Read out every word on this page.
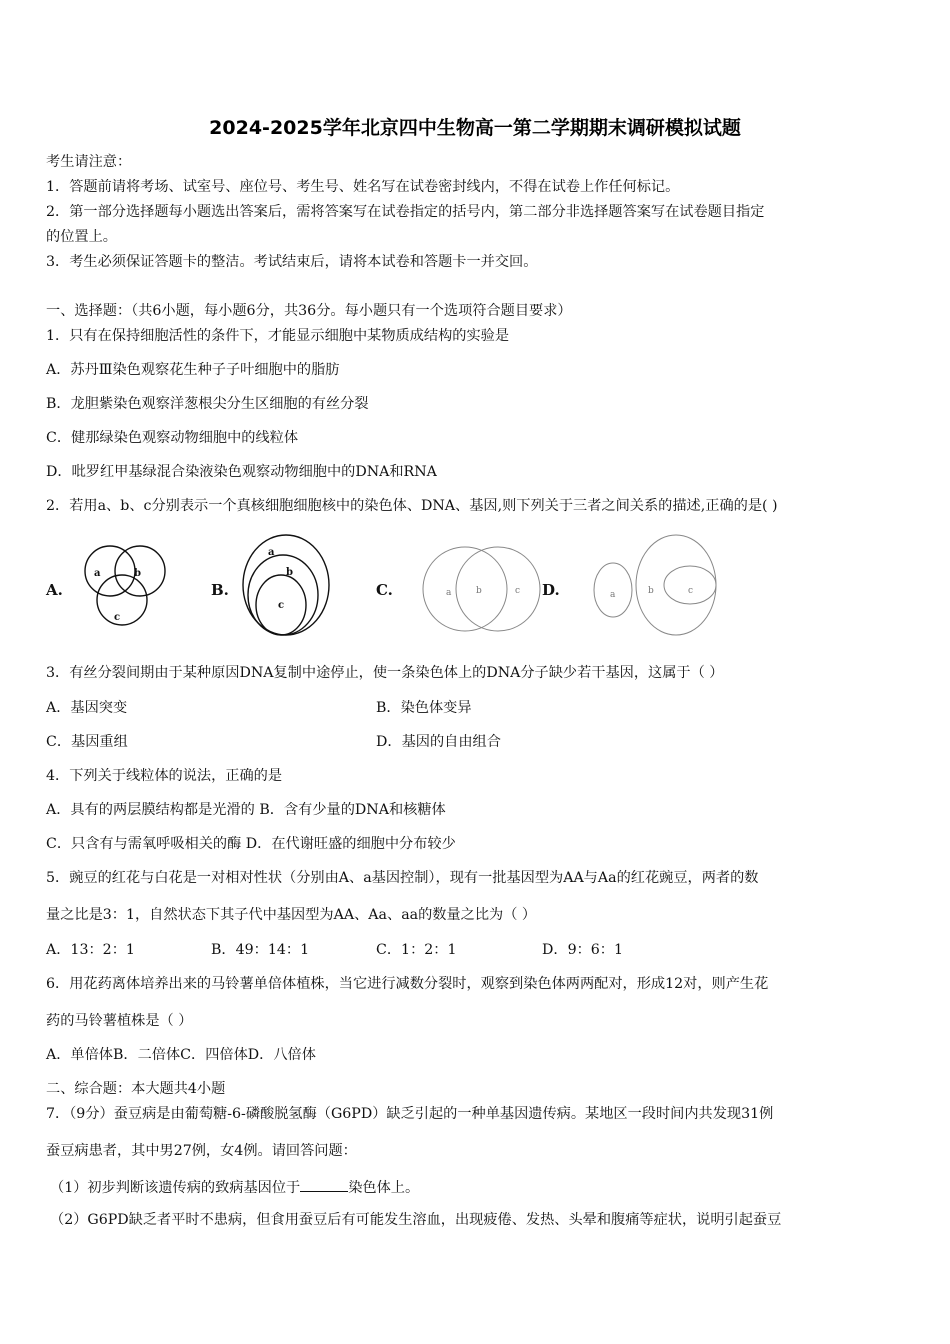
2024-2025学年北京四中生物高一第二学期期末调研模拟试题
考生请注意：
1．答题前请将考场、试室号、座位号、考生号、姓名写在试卷密封线内，不得在试卷上作任何标记。
2．第一部分选择题每小题选出答案后，需将答案写在试卷指定的括号内，第二部分非选择题答案写在试卷题目指定
的位置上。
3．考生必须保证答题卡的整洁。考试结束后，请将本试卷和答题卡一并交回。
一、选择题：（共6小题，每小题6分，共36分。每小题只有一个选项符合题目要求）
1．只有在保持细胞活性的条件下，才能显示细胞中某物质成结构的实验是
A．苏丹Ⅲ染色观察花生种子子叶细胞中的脂肪
B．龙胆紫染色观察洋葱根尖分生区细胞的有丝分裂
C．健那绿染色观察动物细胞中的线粒体
D．吡罗红甲基绿混合染液染色观察动物细胞中的DNA和RNA
2．若用a、b、c分别表示一个真核细胞细胞核中的染色体、DNA、基因,则下列关于三者之间关系的描述,正确的是( )
A.
a	b
c
B.
a
b
c
C.	a	b	c D.	a	b	c
3．有丝分裂间期由于某种原因DNA复制中途停止，使一条染色体上的DNA分子缺少若干基因，这属于（ ）
A．基因突变	B．染色体变异
C．基因重组	D．基因的自由组合
4．下列关于线粒体的说法，正确的是
A．具有的两层膜结构都是光滑的 B．含有少量的DNA和核糖体
C．只含有与需氧呼吸相关的酶 D．在代谢旺盛的细胞中分布较少
5．豌豆的红花与白花是一对相对性状（分别由A、a基因控制），现有一批基因型为AA与Aa的红花豌豆，两者的数
量之比是3：1，自然状态下其子代中基因型为AA、Aa、aa的数量之比为（ ）
A．13：2：1	B．49：14：1	C．1：2：1	D．9：6：1
6．用花药离体培养出来的马铃薯单倍体植株，当它进行减数分裂时，观察到染色体两两配对，形成12对，则产生花
药的马铃薯植株是（ ）
A．单倍体B．二倍体C．四倍体D．八倍体
二、综合题：本大题共4小题
7．（9分）蚕豆病是由葡萄糖-6-磷酸脱氢酶（G6PD）缺乏引起的一种单基因遗传病。某地区一段时间内共发现31例
蚕豆病患者，其中男27例，女4例。请回答问题：
（1）初步判断该遗传病的致病基因位于	染色体上。
（2）G6PD缺乏者平时不患病，但食用蚕豆后有可能发生溶血，出现疲倦、发热、头晕和腹痛等症状，说明引起蚕豆
